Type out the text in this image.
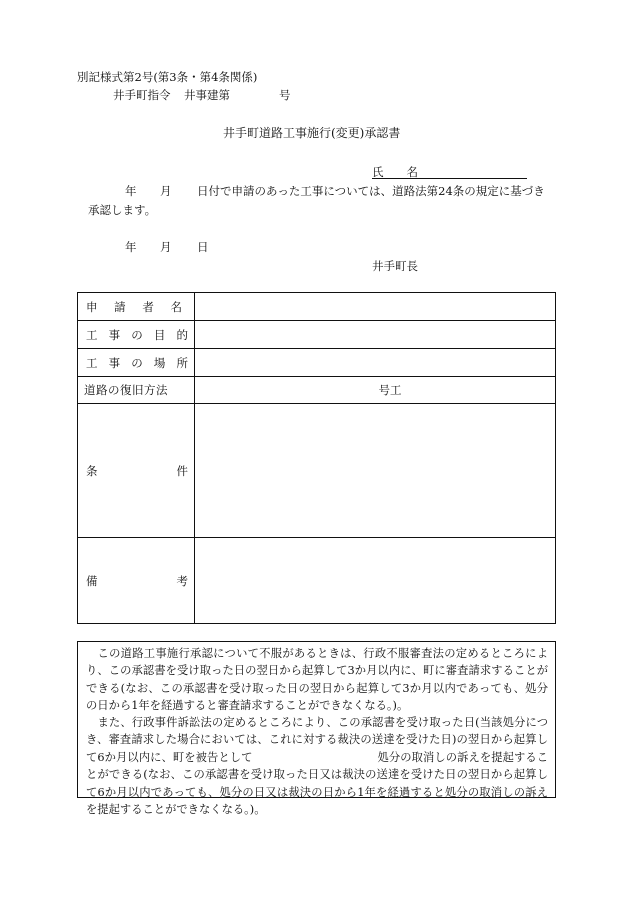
別記様式第2号(第3条・第4条関係)
井手町指令 井事建第	号
井手町道路工事施行(変更)承認書
氏　　名
年 月 日付で申請のあった工事については、道路法第24条の規定に基づき
承認します。
年 月 日
井手町長
申 請 者 名	

工 事 の 目 的	

工 事 の 場 所	

道路の復旧方法	号工

条 件	

備 考	

　この道路工事施行承認について不服があるときは、行政不服審査法の定めるところにより、この承認書を受け取った日の翌日から起算して3か月以内に、町に審査請求することができる(なお、この承認書を受け取った日の翌日から起算して3か月以内であっても、処分の日から1年を経過すると審査請求することができなくなる。)。

　また、行政事件訴訟法の定めるところにより、この承認書を受け取った日(当該処分につき、審査請求した場合においては、これに対する裁決の送達を受けた日)の翌日から起算して6か月以内に、町を被告として　　　　　　　　　　　処分の取消しの訴えを提起することができる(なお、この承認書を受け取った日又は裁決の送達を受けた日の翌日から起算して6か月以内であっても、処分の日又は裁決の日から1年を経過すると処分の取消しの訴えを提起することができなくなる。)。
